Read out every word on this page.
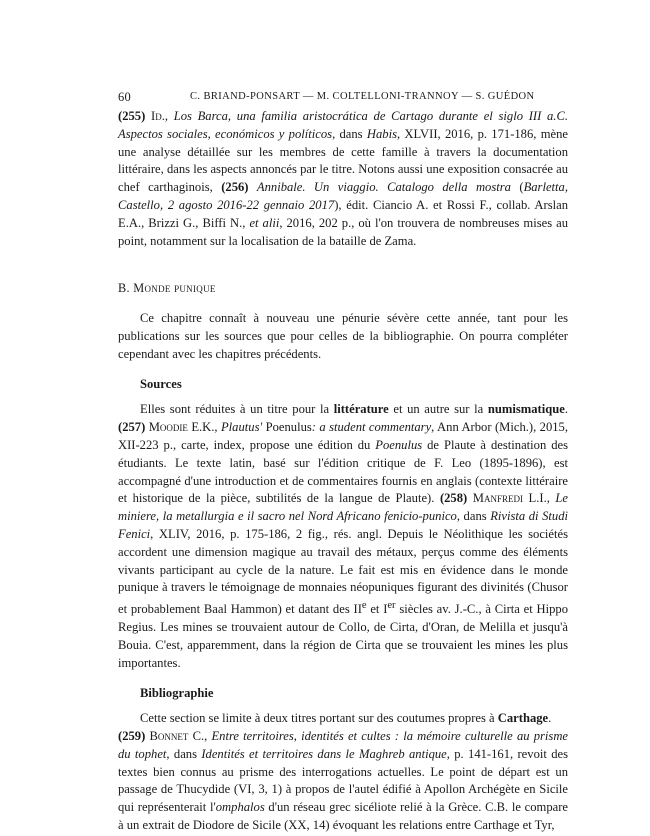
60	C. BRIAND-PONSART — M. COLTELLONI-TRANNOY — S. GUÉDON

(255) Id., Los Barca, una familia aristocrática de Cartago durante el siglo III a.C. Aspectos sociales, económicos y políticos, dans Habis, XLVII, 2016, p. 171-186, mène une analyse détaillée sur les membres de cette famille à travers la documentation littéraire, dans les aspects annoncés par le titre. Notons aussi une exposition consacrée au chef carthaginois, (256) Annibale. Un viaggio. Catalogo della mostra (Barletta, Castello, 2 agosto 2016-22 gennaio 2017), édit. Ciancio A. et Rossi F., collab. Arslan E.A., Brizzi G., Biffi N., et alii, 2016, 202 p., où l'on trouvera de nombreuses mises au point, notamment sur la localisation de la bataille de Zama.

B. Monde punique

Ce chapitre connaît à nouveau une pénurie sévère cette année, tant pour les publications sur les sources que pour celles de la bibliographie. On pourra compléter cependant avec les chapitres précédents.

Sources

Elles sont réduites à un titre pour la littérature et un autre sur la numismatique. (257) Moodie E.K., Plautus' Poenulus: a student commentary, Ann Arbor (Mich.), 2015, XII-223 p., carte, index, propose une édition du Poenulus de Plaute à destination des étudiants. Le texte latin, basé sur l'édition critique de F. Leo (1895-1896), est accompagné d'une introduction et de commentaires fournis en anglais (contexte littéraire et historique de la pièce, subtilités de la langue de Plaute). (258) Manfredi L.I., Le miniere, la metallurgia e il sacro nel Nord Africano fenicio-punico, dans Rivista di Studi Fenici, XLIV, 2016, p. 175-186, 2 fig., rés. angl. Depuis le Néolithique les sociétés accordent une dimension magique au travail des métaux, perçus comme des éléments vivants participant au cycle de la nature. Le fait est mis en évidence dans le monde punique à travers le témoignage de monnaies néopuniques figurant des divinités (Chusor et probablement Baal Hammon) et datant des IIe et Ier siècles av. J.-C., à Cirta et Hippo Regius. Les mines se trouvaient autour de Collo, de Cirta, d'Oran, de Melilla et jusqu'à Bouia. C'est, apparemment, dans la région de Cirta que se trouvaient les mines les plus importantes.

Bibliographie

Cette section se limite à deux titres portant sur des coutumes propres à Carthage.

(259) Bonnet C., Entre territoires, identités et cultes : la mémoire culturelle au prisme du tophet, dans Identités et territoires dans le Maghreb antique, p. 141-161, revoit des textes bien connus au prisme des interrogations actuelles. Le point de départ est un passage de Thucydide (VI, 3, 1) à propos de l'autel édifié à Apollon Archégète en Sicile qui représenterait l'omphalos d'un réseau grec sicéliote relié à la Grèce. C.B. le compare à un extrait de Diodore de Sicile (XX, 14) évoquant les relations entre Carthage et Tyr,
